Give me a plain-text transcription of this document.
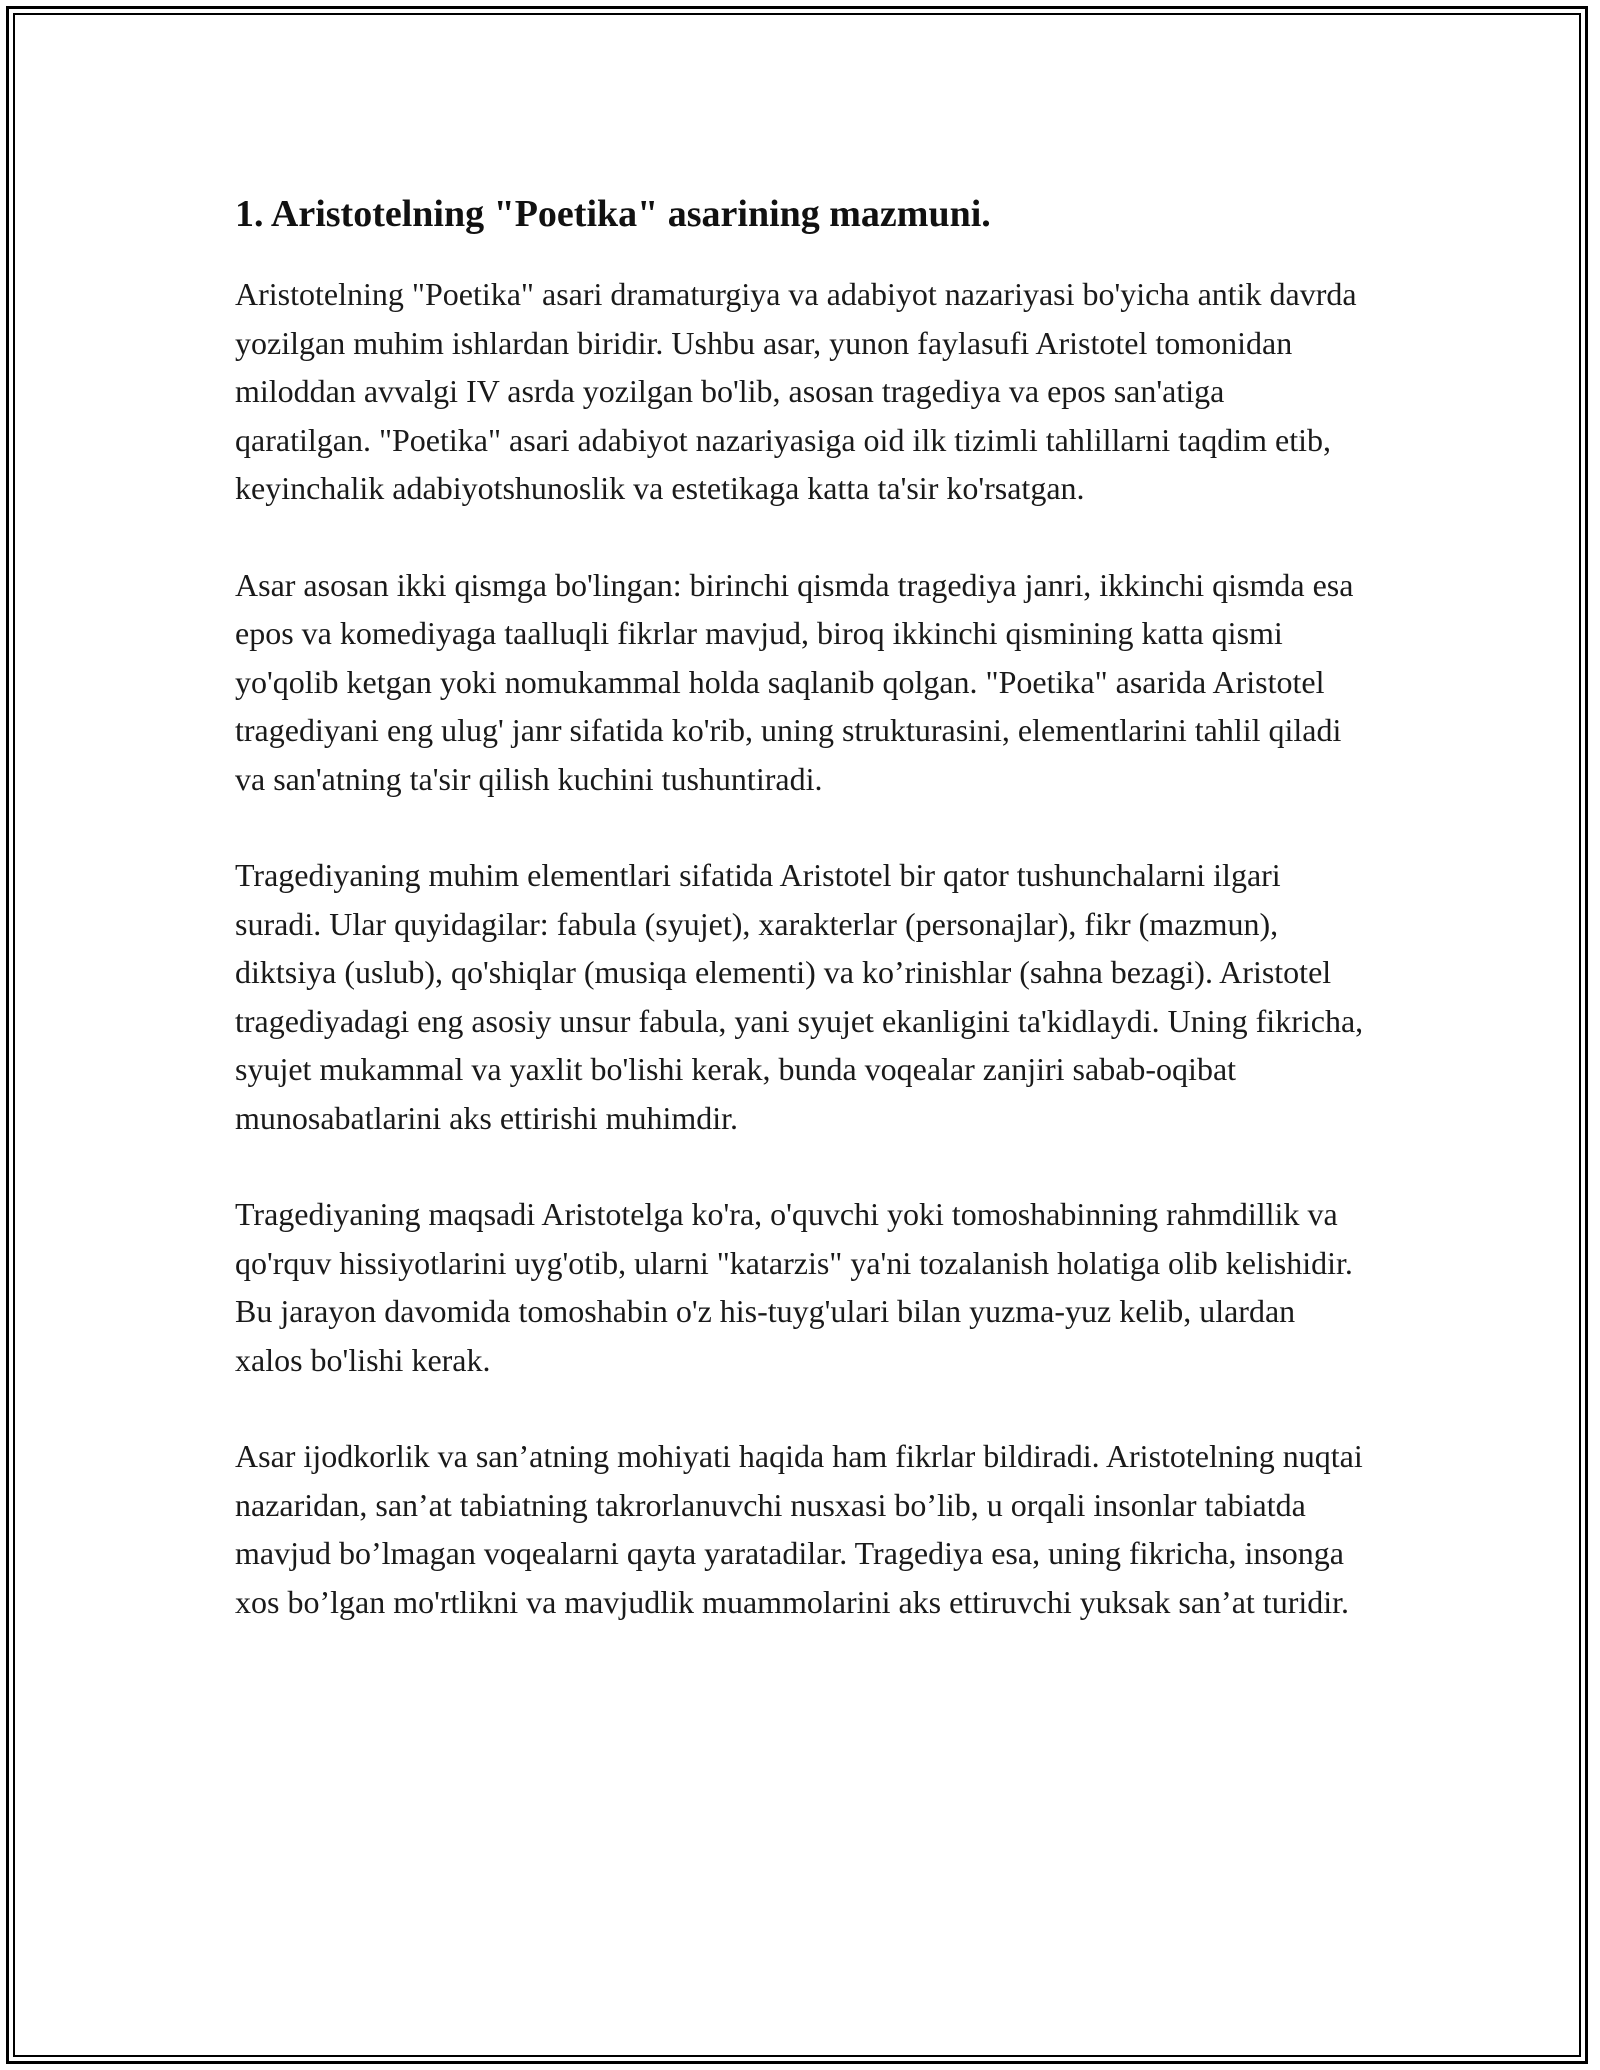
1. Aristotelning "Poetika" asarining mazmuni.

Aristotelning "Poetika" asari dramaturgiya va adabiyot nazariyasi bo'yicha antik davrda yozilgan muhim ishlardan biridir. Ushbu asar, yunon faylasufi Aristotel tomonidan miloddan avvalgi IV asrda yozilgan bo'lib, asosan tragediya va epos san'atiga qaratilgan. "Poetika" asari adabiyot nazariyasiga oid ilk tizimli tahlillarni taqdim etib, keyinchalik adabiyotshunoslik va estetikaga katta ta'sir ko'rsatgan.

Asar asosan ikki qismga bo'lingan: birinchi qismda tragediya janri, ikkinchi qismda esa epos va komediyaga taalluqli fikrlar mavjud, biroq ikkinchi qismining katta qismi yo'qolib ketgan yoki nomukammal holda saqlanib qolgan. "Poetika" asarida Aristotel tragediyani eng ulug' janr sifatida ko'rib, uning strukturasini, elementlarini tahlil qiladi va san'atning ta'sir qilish kuchini tushuntiradi.

Tragediyaning muhim elementlari sifatida Aristotel bir qator tushunchalarni ilgari suradi. Ular quyidagilar: fabula (syujet), xarakterlar (personajlar), fikr (mazmun), diktsiya (uslub), qo'shiqlar (musiqa elementi) va ko’rinishlar (sahna bezagi). Aristotel tragediyadagi eng asosiy unsur fabula, yani syujet ekanligini ta'kidlaydi. Uning fikricha, syujet mukammal va yaxlit bo'lishi kerak, bunda voqealar zanjiri sabab-oqibat munosabatlarini aks ettirishi muhimdir.

Tragediyaning maqsadi Aristotelga ko'ra, o'quvchi yoki tomoshabinning rahmdillik va qo'rquv hissiyotlarini uyg'otib, ularni "katarzis" ya'ni tozalanish holatiga olib kelishidir. Bu jarayon davomida tomoshabin o'z his-tuyg'ulari bilan yuzma-yuz kelib, ulardan xalos bo'lishi kerak.

Asar ijodkorlik va san’atning mohiyati haqida ham fikrlar bildiradi. Aristotelning nuqtai nazaridan, san’at tabiatning takrorlanuvchi nusxasi bo’lib, u orqali insonlar tabiatda mavjud bo’lmagan voqealarni qayta yaratadilar. Tragediya esa, uning fikricha, insonga xos bo’lgan mo'rtlikni va mavjudlik muammolarini aks ettiruvchi yuksak san’at turidir.
